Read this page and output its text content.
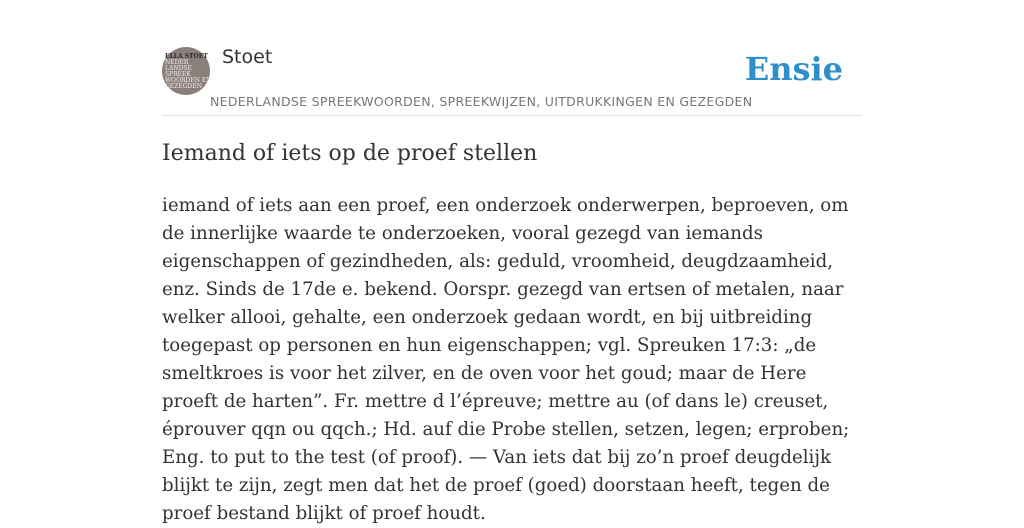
ELLA STOET
NEDER
LANDSE
SPREEK
WOORDEN EN
GEZEGDEN
Stoet
NEDERLANDSE SPREEKWOORDEN, SPREEKWIJZEN, UITDRUKKINGEN EN GEZEGDEN
Ensie
Iemand of iets op de proef stellen

iemand of iets aan een proef, een onderzoek onderwerpen, beproeven, om de innerlijke waarde te onderzoeken, vooral gezegd van iemands eigenschappen of gezindheden, als: geduld, vroomheid, deugdzaamheid, enz. Sinds de 17de e. bekend. Oorspr. gezegd van ertsen of metalen, naar welker allooi, gehalte, een onderzoek gedaan wordt, en bij uitbreiding toegepast op personen en hun eigenschappen; vgl. Spreuken 17:3: „de smeltkroes is voor het zilver, en de oven voor het goud; maar de Here proeft de harten”. Fr. mettre d l’épreuve; mettre au (of dans le) creuset, éprouver qqn ou qqch.; Hd. auf die Probe stellen, setzen, legen; erproben; Eng. to put to the test (of proof). — Van iets dat bij zo’n proef deugdelijk blijkt te zijn, zegt men dat het de proef (goed) doorstaan heeft, tegen de proef bestand blijkt of proef houdt.
